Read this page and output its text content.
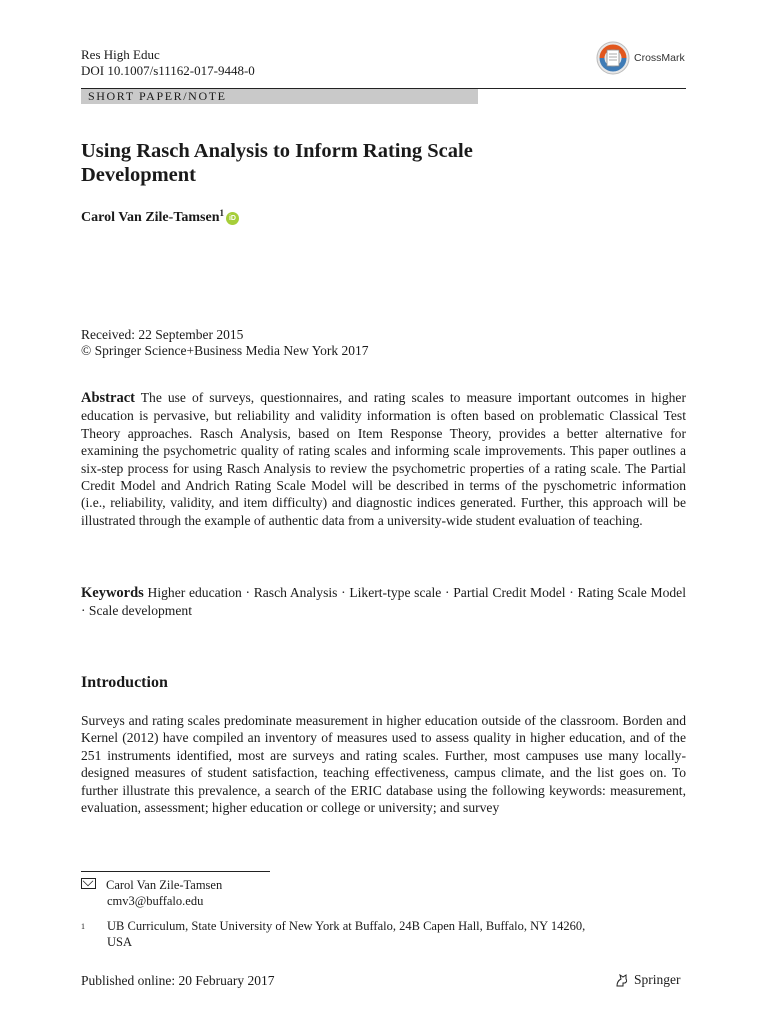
Res High Educ
DOI 10.1007/s11162-017-9448-0
CrossMark
SHORT PAPER/NOTE
Using Rasch Analysis to Inform Rating Scale
Development
Carol Van Zile-Tamsen$^1$ iD
Received: 22 September 2015
© Springer Science+Business Media New York 2017
Abstract The use of surveys, questionnaires, and rating scales to measure important outcomes in higher education is pervasive, but reliability and validity information is often based on problematic Classical Test Theory approaches. Rasch Analysis, based on Item Response Theory, provides a better alternative for examining the psychometric quality of rating scales and informing scale improvements. This paper outlines a six-step process for using Rasch Analysis to review the psychometric properties of a rating scale. The Partial Credit Model and Andrich Rating Scale Model will be described in terms of the pyschometric information (i.e., reliability, validity, and item difficulty) and diagnostic indices generated. Further, this approach will be illustrated through the example of authentic data from a university-wide student evaluation of teaching.
Keywords Higher education · Rasch Analysis · Likert-type scale · Partial Credit Model · Rating Scale Model · Scale development
Introduction
Surveys and rating scales predominate measurement in higher education outside of the classroom. Borden and Kernel (2012) have compiled an inventory of measures used to assess quality in higher education, and of the 251 instruments identified, most are surveys and rating scales. Further, most campuses use many locally-designed measures of student satisfaction, teaching effectiveness, campus climate, and the list goes on. To further illustrate this prevalence, a search of the ERIC database using the following keywords: measurement, evaluation, assessment; higher education or college or university; and survey
Carol Van Zile-Tamsen
cmv3@buffalo.edu
1	UB Curriculum, State University of New York at Buffalo, 24B Capen Hall, Buffalo, NY 14260,
USA
Published online: 20 February 2017	Springer
